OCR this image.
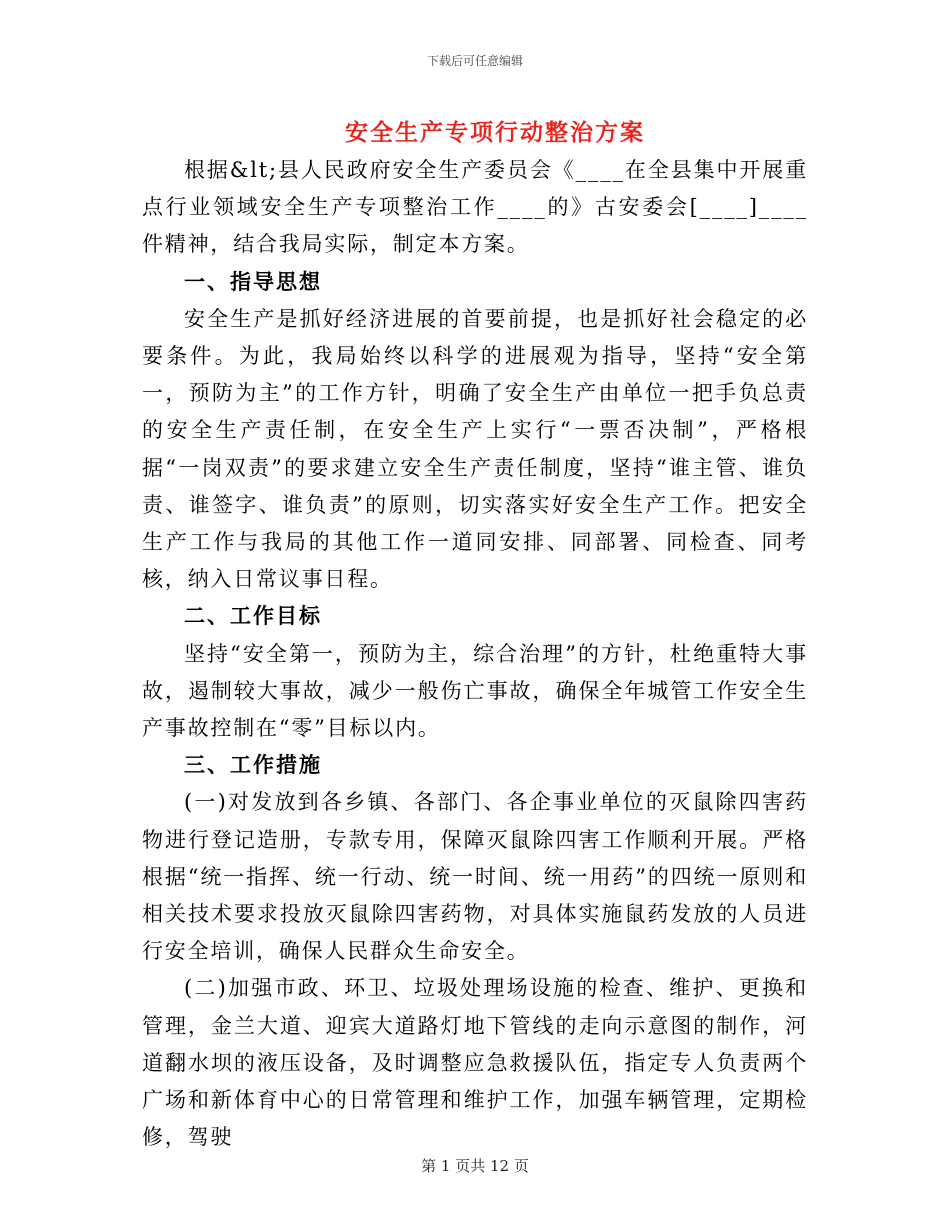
下载后可任意编辑
安全生产专项行动整治方案

根据&lt;县人民政府安全生产委员会《____在全县集中开展重点行业领域安全生产专项整治工作____的》古安委会[____]____件精神，结合我局实际，制定本方案。

一、指导思想

安全生产是抓好经济进展的首要前提，也是抓好社会稳定的必要条件。为此，我局始终以科学的进展观为指导，坚持“安全第一，预防为主”的工作方针，明确了安全生产由单位一把手负总责的安全生产责任制，在安全生产上实行“一票否决制”，严格根据“一岗双责”的要求建立安全生产责任制度，坚持“谁主管、谁负责、谁签字、谁负责”的原则，切实落实好安全生产工作。把安全生产工作与我局的其他工作一道同安排、同部署、同检查、同考核，纳入日常议事日程。

二、工作目标

坚持“安全第一，预防为主，综合治理”的方针，杜绝重特大事故，遏制较大事故，减少一般伤亡事故，确保全年城管工作安全生产事故控制在“零”目标以内。

三、工作措施

(一)对发放到各乡镇、各部门、各企事业单位的灭鼠除四害药物进行登记造册，专款专用，保障灭鼠除四害工作顺利开展。严格根据“统一指挥、统一行动、统一时间、统一用药”的四统一原则和相关技术要求投放灭鼠除四害药物，对具体实施鼠药发放的人员进行安全培训，确保人民群众生命安全。

(二)加强市政、环卫、垃圾处理场设施的检查、维护、更换和管理，金兰大道、迎宾大道路灯地下管线的走向示意图的制作，河道翻水坝的液压设备，及时调整应急救援队伍，指定专人负责两个广场和新体育中心的日常管理和维护工作，加强车辆管理，定期检修，驾驶

第 1 页共 12 页
